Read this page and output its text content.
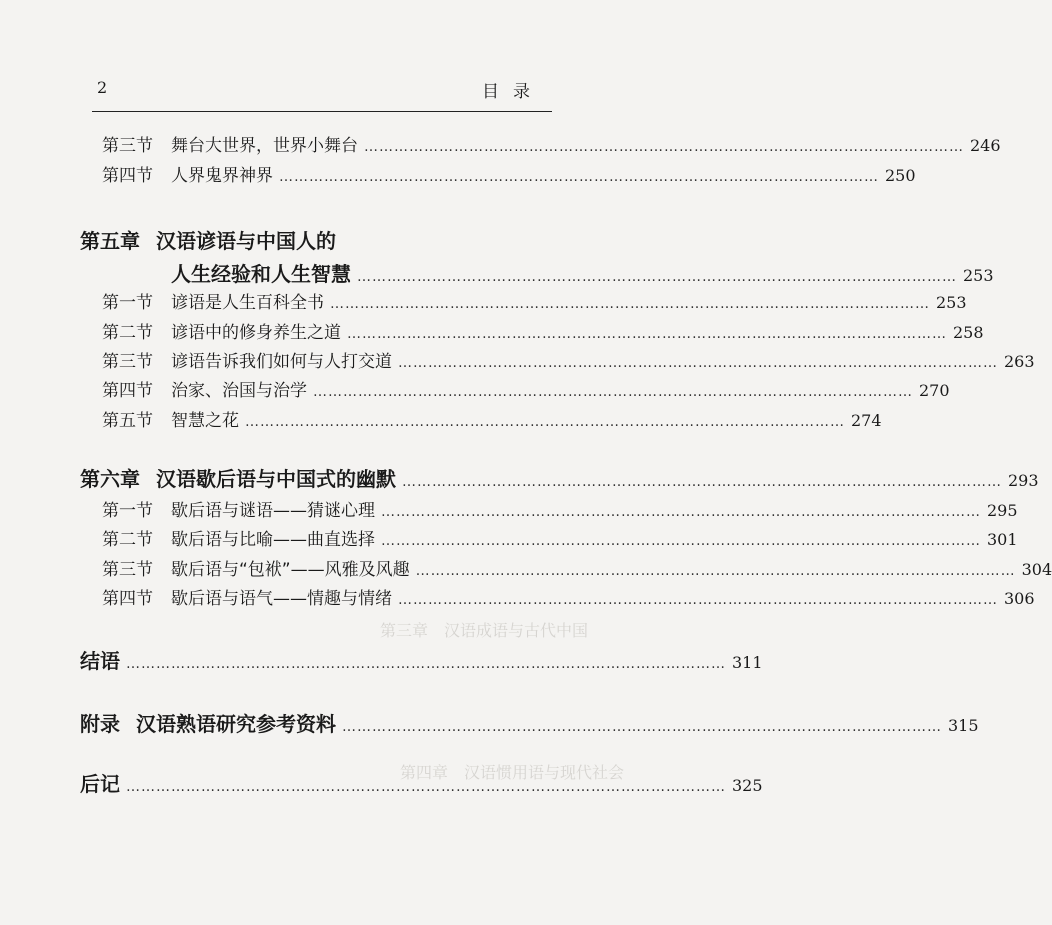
第三章　汉语成语与古代中国
第四章　汉语惯用语与现代社会
2	目录
第三节 舞台大世界，世界小舞台 …………………………………………………………………………………………………………	246
第四节 人界鬼界神界 …………………………………………………………………………………………………………	250
第五章 汉语谚语与中国人的
人生经验和人生智慧 …………………………………………………………………………………………………………	253
第一节 谚语是人生百科全书 …………………………………………………………………………………………………………	253
第二节 谚语中的修身养生之道 …………………………………………………………………………………………………………	258
第三节 谚语告诉我们如何与人打交道 …………………………………………………………………………………………………………	263
第四节 治家、治国与治学 …………………………………………………………………………………………………………	270
第五节 智慧之花 …………………………………………………………………………………………………………	274
第六章 汉语歇后语与中国式的幽默 …………………………………………………………………………………………………………	293
第一节 歇后语与谜语——猜谜心理 …………………………………………………………………………………………………………	295
第二节 歇后语与比喻——曲直选择 …………………………………………………………………………………………………………	301
第三节 歇后语与“包袱”——风雅及风趣 …………………………………………………………………………………………………………	304
第四节 歇后语与语气——情趣与情绪 …………………………………………………………………………………………………………	306
结语 …………………………………………………………………………………………………………	311
附录 汉语熟语研究参考资料 …………………………………………………………………………………………………………	315
后记 …………………………………………………………………………………………………………	325
